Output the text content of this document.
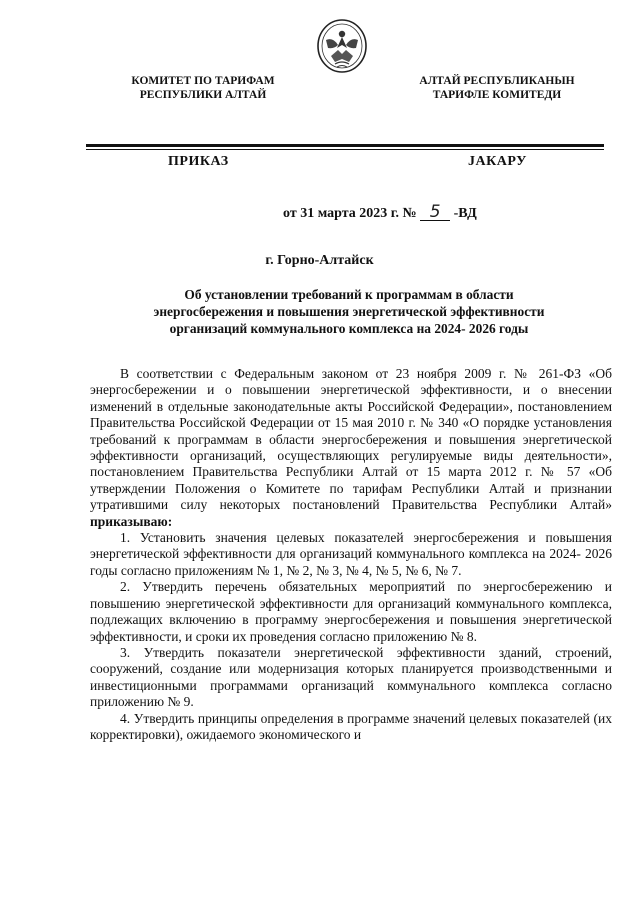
КОМИТЕТ ПО ТАРИФАМ
РЕСПУБЛИКИ АЛТАЙ
АЛТАЙ РЕСПУБЛИКАНЫН
ТАРИФЛЕ КОМИТЕДИ
ПРИКАЗ	JАКАРУ
от 31 марта 2023 г. № 5 -ВД
г. Горно-Алтайск
Об установлении требований к программам в области
энергосбережения и повышения энергетической эффективности
организаций коммунального комплекса на 2024- 2026 годы

В соответствии с Федеральным законом от 23 ноября 2009 г. № 261-ФЗ «Об энергосбережении и о повышении энергетической эффективности, и о внесении изменений в отдельные законодательные акты Российской Федерации», постановлением Правительства Российской Федерации от 15 мая 2010 г. № 340 «О порядке установления требований к программам в области энергосбережения и повышения энергетической эффективности организаций, осуществляющих регулируемые виды деятельности», постановлением Правительства Республики Алтай от 15 марта 2012 г. № 57 «Об утверждении Положения о Комитете по тарифам Республики Алтай и признании утратившими силу некоторых постановлений Правительства Республики Алтай» приказываю:

1. Установить значения целевых показателей энергосбережения и повышения энергетической эффективности для организаций коммунального комплекса на 2024- 2026 годы согласно приложениям № 1, № 2, № 3, № 4, № 5, № 6, № 7.

2. Утвердить перечень обязательных мероприятий по энергосбережению и повышению энергетической эффективности для организаций коммунального комплекса, подлежащих включению в программу энергосбережения и повышения энергетической эффективности, и сроки их проведения согласно приложению № 8.

3. Утвердить показатели энергетической эффективности зданий, строений, сооружений, создание или модернизация которых планируется производственными и инвестиционными программами организаций коммунального комплекса согласно приложению № 9.

4. Утвердить принципы определения в программе значений целевых показателей (их корректировки), ожидаемого экономического и
